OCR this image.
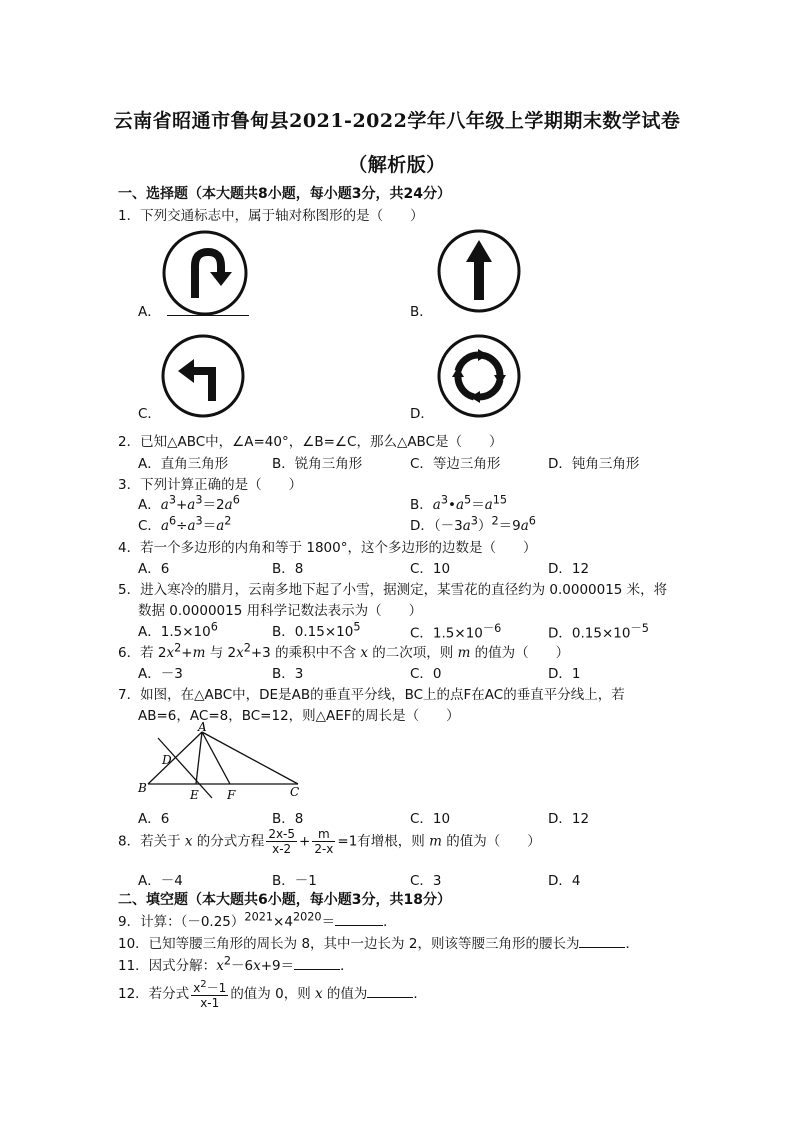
云南省昭通市鲁甸县2021-2022学年八年级上学期期末数学试卷
（解析版）
一、选择题（本大题共8小题，每小题3分，共24分）
1．下列交通标志中，属于轴对称图形的是（　　）
A．	B．
C．	D．
2．已知△ABC中，∠A=40°，∠B=∠C，那么△ABC是（　　）
A．直角三角形	B．锐角三角形	C．等边三角形	D．钝角三角形
3．下列计算正确的是（　　）
A．$a^3+a^3=2a^6$	B．$a^3•a^5=a^{15}$
C．$a^6\div a^3=a^2$	D．$(-3a^3)^2=9a^6$
4．若一个多边形的内角和等于 1800°，这个多边形的边数是（　　）
A．6	B．8	C．10	D．12
5．进入寒冷的腊月，云南多地下起了小雪，据测定，某雪花的直径约为 0.0000015 米，将
数据 0.0000015 用科学记数法表示为（　　）
A．$1.5\times 10^6$	B．$0.15\times 10^5$	C．$1.5\times 10^{-6}$	D．$0.15\times 10^{-5}$
6．若 $2x^2+m$ 与 $2x^2+3$ 的乘积中不含 x 的二次项，则 m 的值为（　　）
A．－3	B．3	C．0	D．1
7．如图，在△ABC中，DE是AB的垂直平分线，BC上的点F在AC的垂直平分线上，若
AB=6，AC=8，BC=12，则△AEF的周长是（　　）
A
B	C
D
E F
A．6	B．8	C．10	D．12
8．若关于 x 的分式方程 $\frac{2x-5}{x-2} + \frac{m}{2-x} =1$有增根，则 m 的值为（　　）
A．－4	B．－1	C．3	D．4
二、填空题（本大题共6小题，每小题3分，共18分）
9．计算：$(-0.25)^{2021}\times 4^{2020}=$	．
10．已知等腰三角形的周长为 8，其中一边长为 2，则该等腰三角形的腰长为	．
11．因式分解：$x^2-6x+9=$	．
12．若分式 $\frac{x^2-1}{x-1}$ 的值为 0，则 x 的值为	．
